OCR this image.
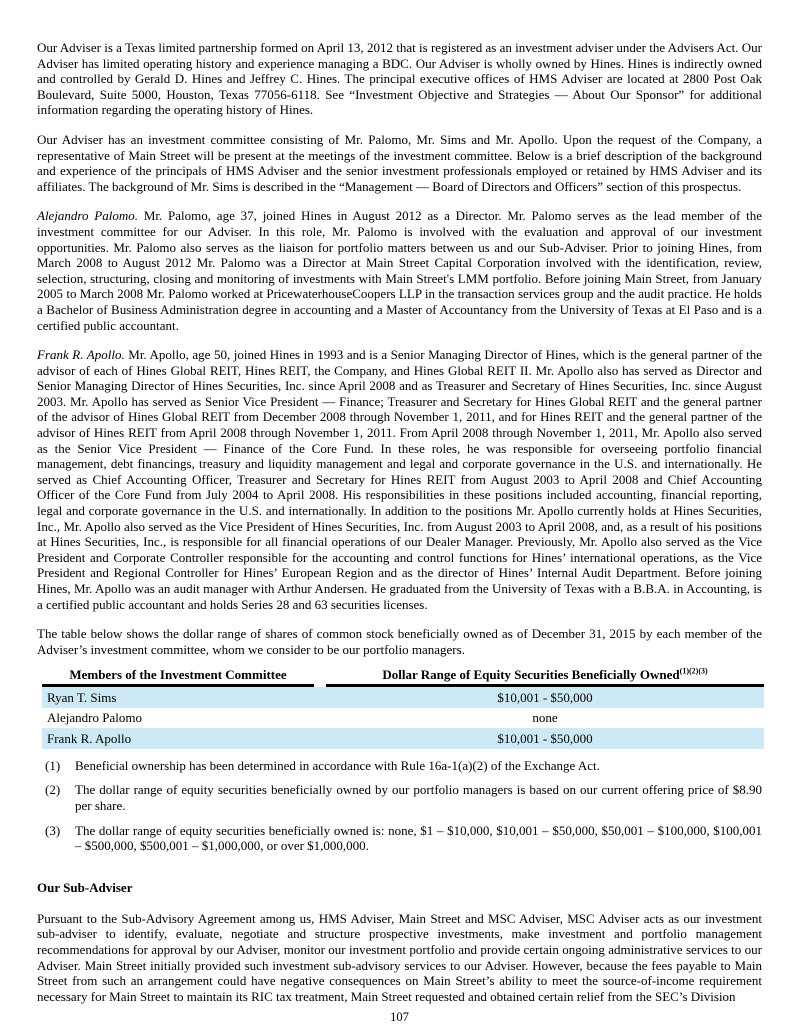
Our Adviser is a Texas limited partnership formed on April 13, 2012 that is registered as an investment adviser under the Advisers Act. Our Adviser has limited operating history and experience managing a BDC. Our Adviser is wholly owned by Hines. Hines is indirectly owned and controlled by Gerald D. Hines and Jeffrey C. Hines. The principal executive offices of HMS Adviser are located at 2800 Post Oak Boulevard, Suite 5000, Houston, Texas 77056-6118. See “Investment Objective and Strategies — About Our Sponsor” for additional information regarding the operating history of Hines.

Our Adviser has an investment committee consisting of Mr. Palomo, Mr. Sims and Mr. Apollo. Upon the request of the Company, a representative of Main Street will be present at the meetings of the investment committee. Below is a brief description of the background and experience of the principals of HMS Adviser and the senior investment professionals employed or retained by HMS Adviser and its affiliates. The background of Mr. Sims is described in the “Management — Board of Directors and Officers” section of this prospectus.

Alejandro Palomo. Mr. Palomo, age 37, joined Hines in August 2012 as a Director. Mr. Palomo serves as the lead member of the investment committee for our Adviser. In this role, Mr. Palomo is involved with the evaluation and approval of our investment opportunities. Mr. Palomo also serves as the liaison for portfolio matters between us and our Sub-Adviser. Prior to joining Hines, from March 2008 to August 2012 Mr. Palomo was a Director at Main Street Capital Corporation involved with the identification, review, selection, structuring, closing and monitoring of investments with Main Street's LMM portfolio. Before joining Main Street, from January 2005 to March 2008 Mr. Palomo worked at PricewaterhouseCoopers LLP in the transaction services group and the audit practice. He holds a Bachelor of Business Administration degree in accounting and a Master of Accountancy from the University of Texas at El Paso and is a certified public accountant.

Frank R. Apollo. Mr. Apollo, age 50, joined Hines in 1993 and is a Senior Managing Director of Hines, which is the general partner of the advisor of each of Hines Global REIT, Hines REIT, the Company, and Hines Global REIT II. Mr. Apollo also has served as Director and Senior Managing Director of Hines Securities, Inc. since April 2008 and as Treasurer and Secretary of Hines Securities, Inc. since August 2003. Mr. Apollo has served as Senior Vice President — Finance; Treasurer and Secretary for Hines Global REIT and the general partner of the advisor of Hines Global REIT from December 2008 through November 1, 2011, and for Hines REIT and the general partner of the advisor of Hines REIT from April 2008 through November 1, 2011. From April 2008 through November 1, 2011, Mr. Apollo also served as the Senior Vice President — Finance of the Core Fund. In these roles, he was responsible for overseeing portfolio financial management, debt financings, treasury and liquidity management and legal and corporate governance in the U.S. and internationally. He served as Chief Accounting Officer, Treasurer and Secretary for Hines REIT from August 2003 to April 2008 and Chief Accounting Officer of the Core Fund from July 2004 to April 2008. His responsibilities in these positions included accounting, financial reporting, legal and corporate governance in the U.S. and internationally. In addition to the positions Mr. Apollo currently holds at Hines Securities, Inc., Mr. Apollo also served as the Vice President of Hines Securities, Inc. from August 2003 to April 2008, and, as a result of his positions at Hines Securities, Inc., is responsible for all financial operations of our Dealer Manager. Previously, Mr. Apollo also served as the Vice President and Corporate Controller responsible for the accounting and control functions for Hines’ international operations, as the Vice President and Regional Controller for Hines’ European Region and as the director of Hines’ Internal Audit Department. Before joining Hines, Mr. Apollo was an audit manager with Arthur Andersen. He graduated from the University of Texas with a B.B.A. in Accounting, is a certified public accountant and holds Series 28 and 63 securities licenses.

The table below shows the dollar range of shares of common stock beneficially owned as of December 31, 2015 by each member of the Adviser’s investment committee, whom we consider to be our portfolio managers.

Members of the Investment Committee	Dollar Range of Equity Securities Beneficially Owned$^{(1)(2)(3)}$
Ryan T. Sims	$10,001 - $50,000
Alejandro Palomo	none
Frank R. Apollo	$10,001 - $50,000
(1)	Beneficial ownership has been determined in accordance with Rule 16a-1(a)(2) of the Exchange Act.
(2)	The dollar range of equity securities beneficially owned by our portfolio managers is based on our current offering price of $8.90 per share.
(3)	The dollar range of equity securities beneficially owned is: none, $1 – $10,000, $10,001 – $50,000, $50,001 – $100,000, $100,001 – $500,000, $500,001 – $1,000,000, or over $1,000,000.
Our Sub-Adviser

Pursuant to the Sub-Advisory Agreement among us, HMS Adviser, Main Street and MSC Adviser, MSC Adviser acts as our investment sub-adviser to identify, evaluate, negotiate and structure prospective investments, make investment and portfolio management recommendations for approval by our Adviser, monitor our investment portfolio and provide certain ongoing administrative services to our Adviser. Main Street initially provided such investment sub-advisory services to our Adviser. However, because the fees payable to Main Street from such an arrangement could have negative consequences on Main Street’s ability to meet the source-of-income requirement necessary for Main Street to maintain its RIC tax treatment, Main Street requested and obtained certain relief from the SEC’s Division

107
